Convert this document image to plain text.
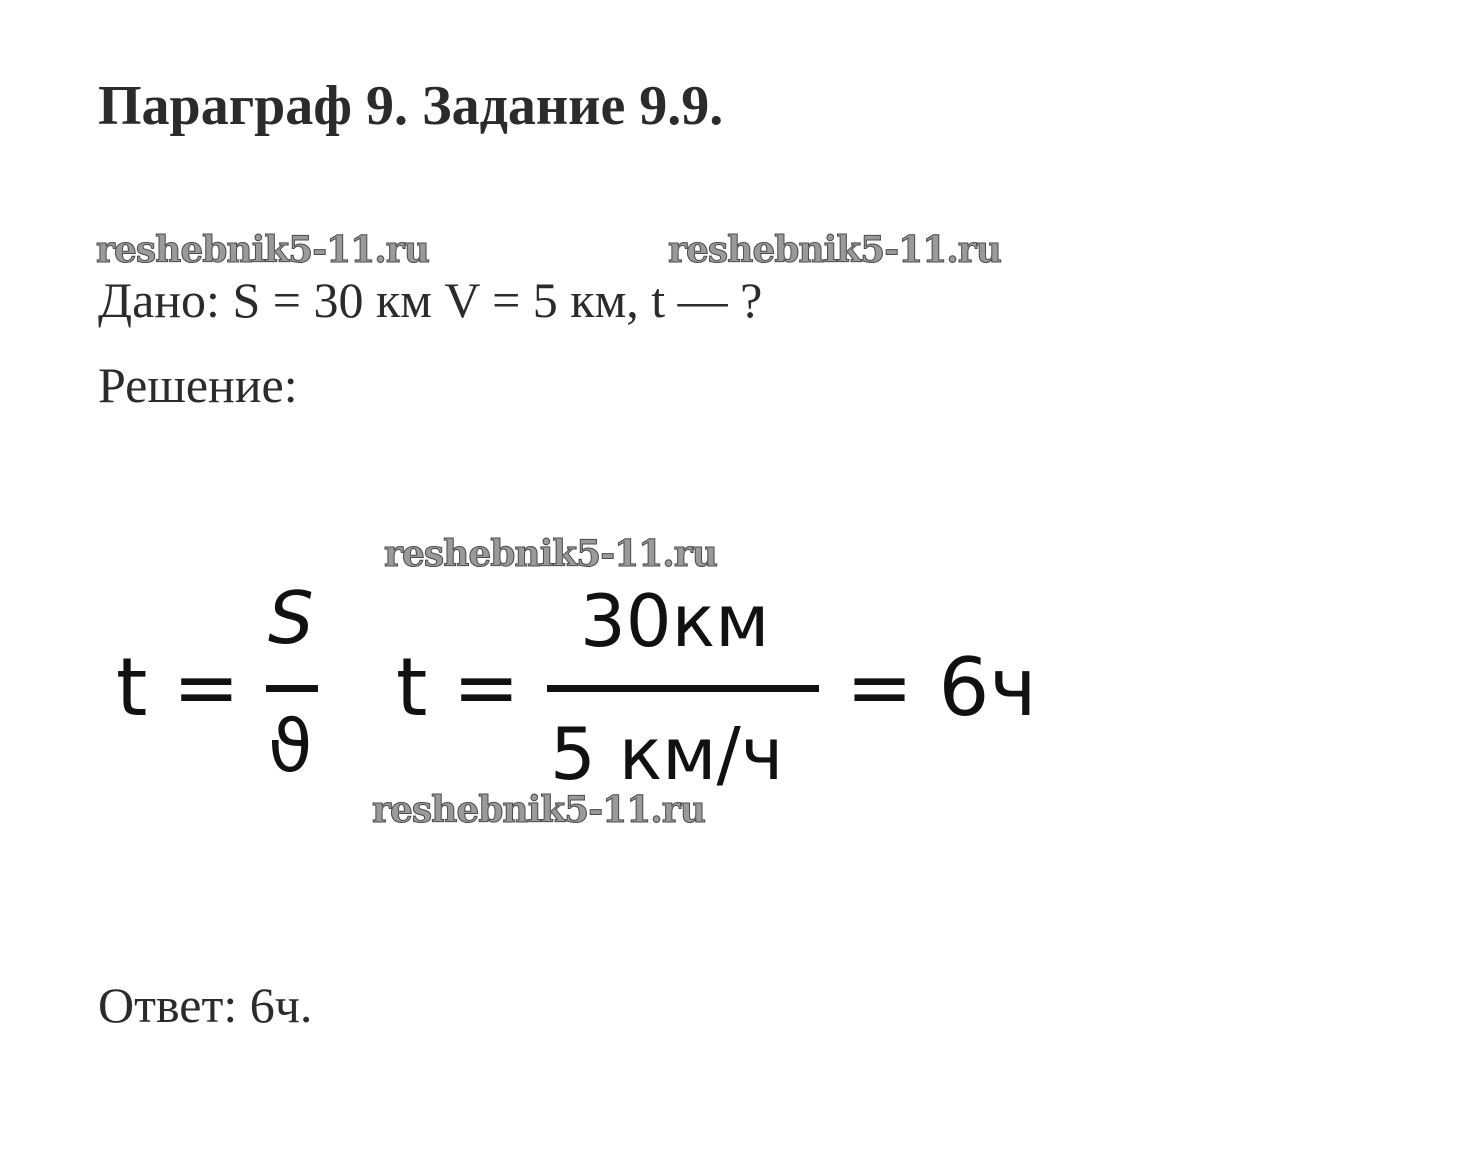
Параграф 9. Задание 9.9.
reshebnik5-11.ru	reshebnik5-11.ru
Дано: S = 30 км V = 5 км, t — ?
Решение:
t =
S
ϑ
t =
30км
5 км/ч
= 6ч
reshebnik5-11.ru
reshebnik5-11.ru
Ответ: 6ч.
